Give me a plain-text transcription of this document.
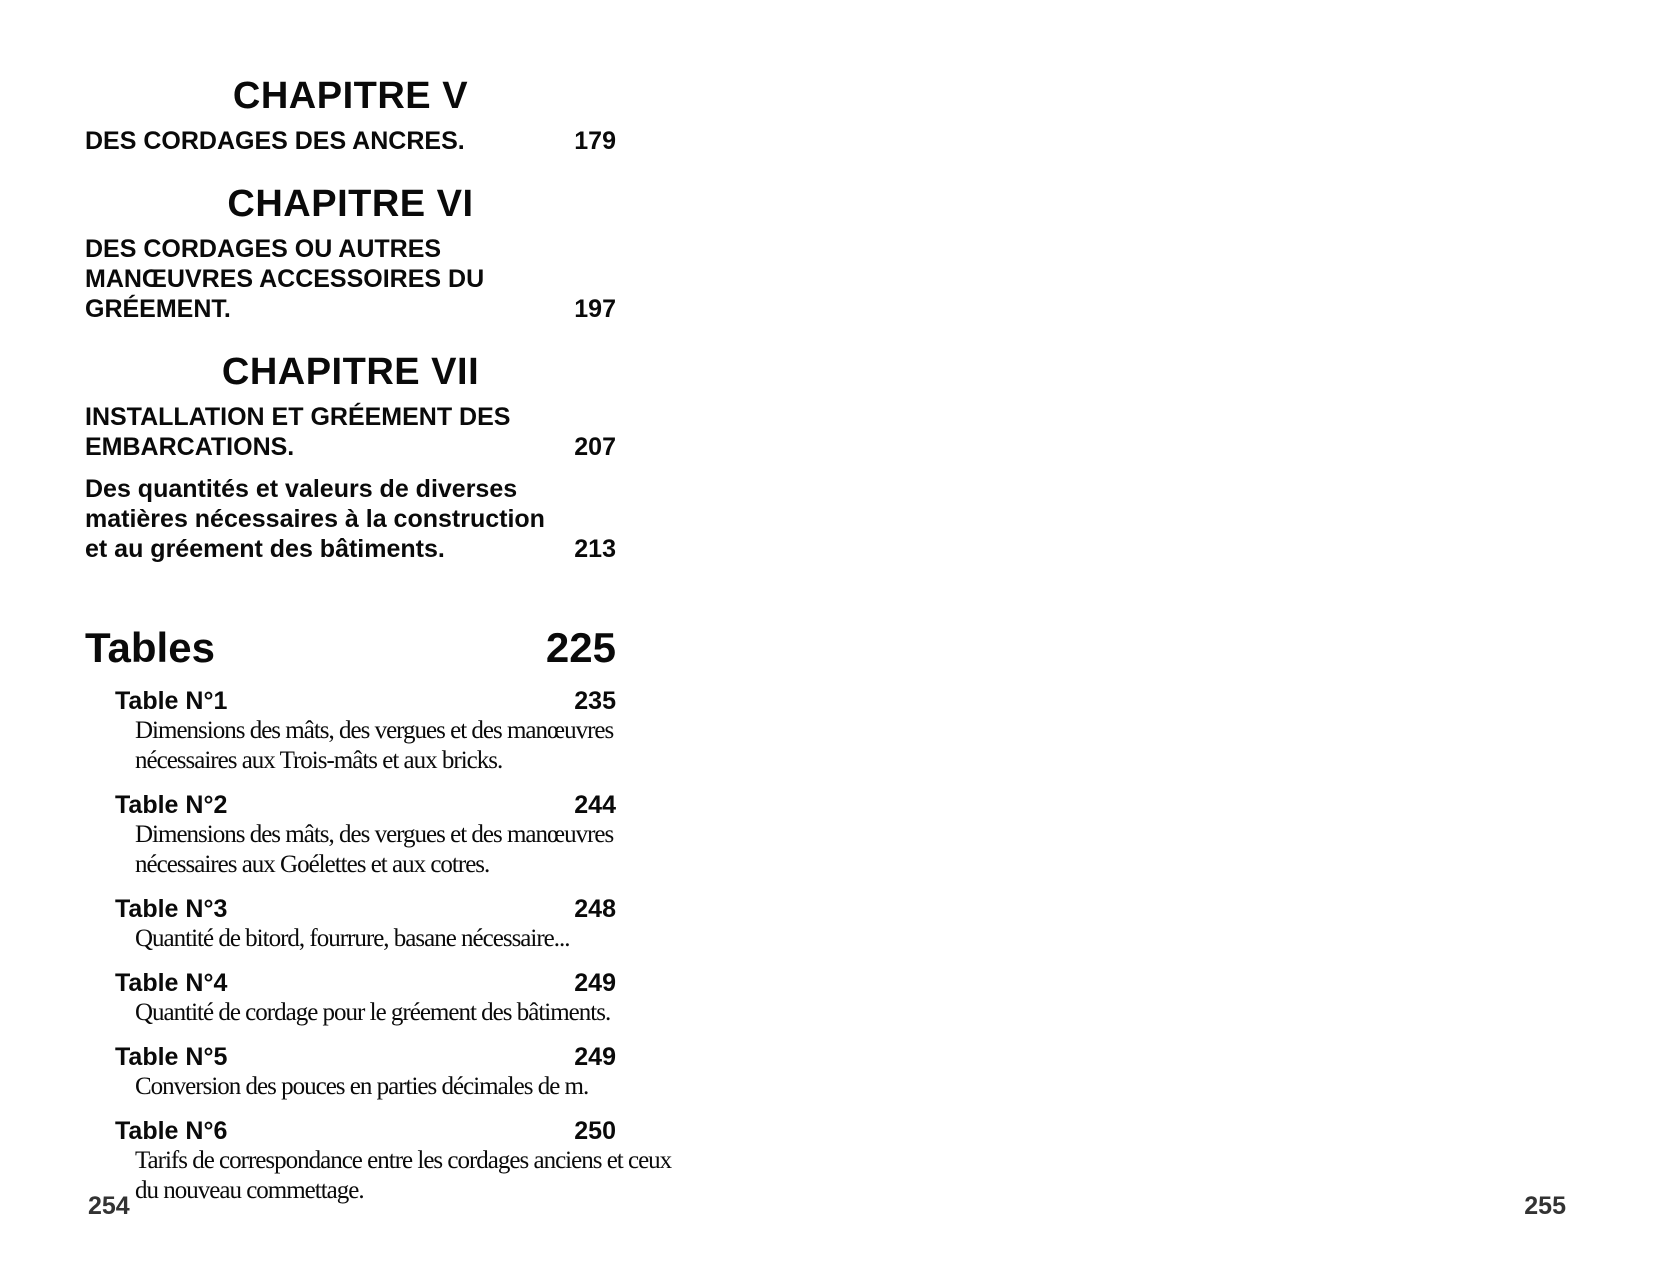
CHAPITRE V
DES CORDAGES DES ANCRES.	179
CHAPITRE VI
DES CORDAGES OU AUTRES MANŒUVRES ACCESSOIRES DU GRÉEMENT.	197
CHAPITRE VII
INSTALLATION ET GRÉEMENT DES EMBARCATIONS.	207
Des quantités et valeurs de diverses matières nécessaires à la construction et au gréement des bâtiments.	213
Tables	225
Table N°1	235
Dimensions des mâts, des vergues et des manœuvres nécessaires aux Trois-mâts et aux bricks.
Table N°2	244
Dimensions des mâts, des vergues et des manœuvres nécessaires aux Goélettes et aux cotres.
Table N°3	248
Quantité de bitord, fourrure, basane nécessaire...
Table N°4	249
Quantité de cordage pour le gréement des bâtiments.
Table N°5	249
Conversion des pouces en parties décimales de m.
Table N°6	250
Tarifs de correspondance entre les cordages anciens et ceux du nouveau commettage.
254	255
